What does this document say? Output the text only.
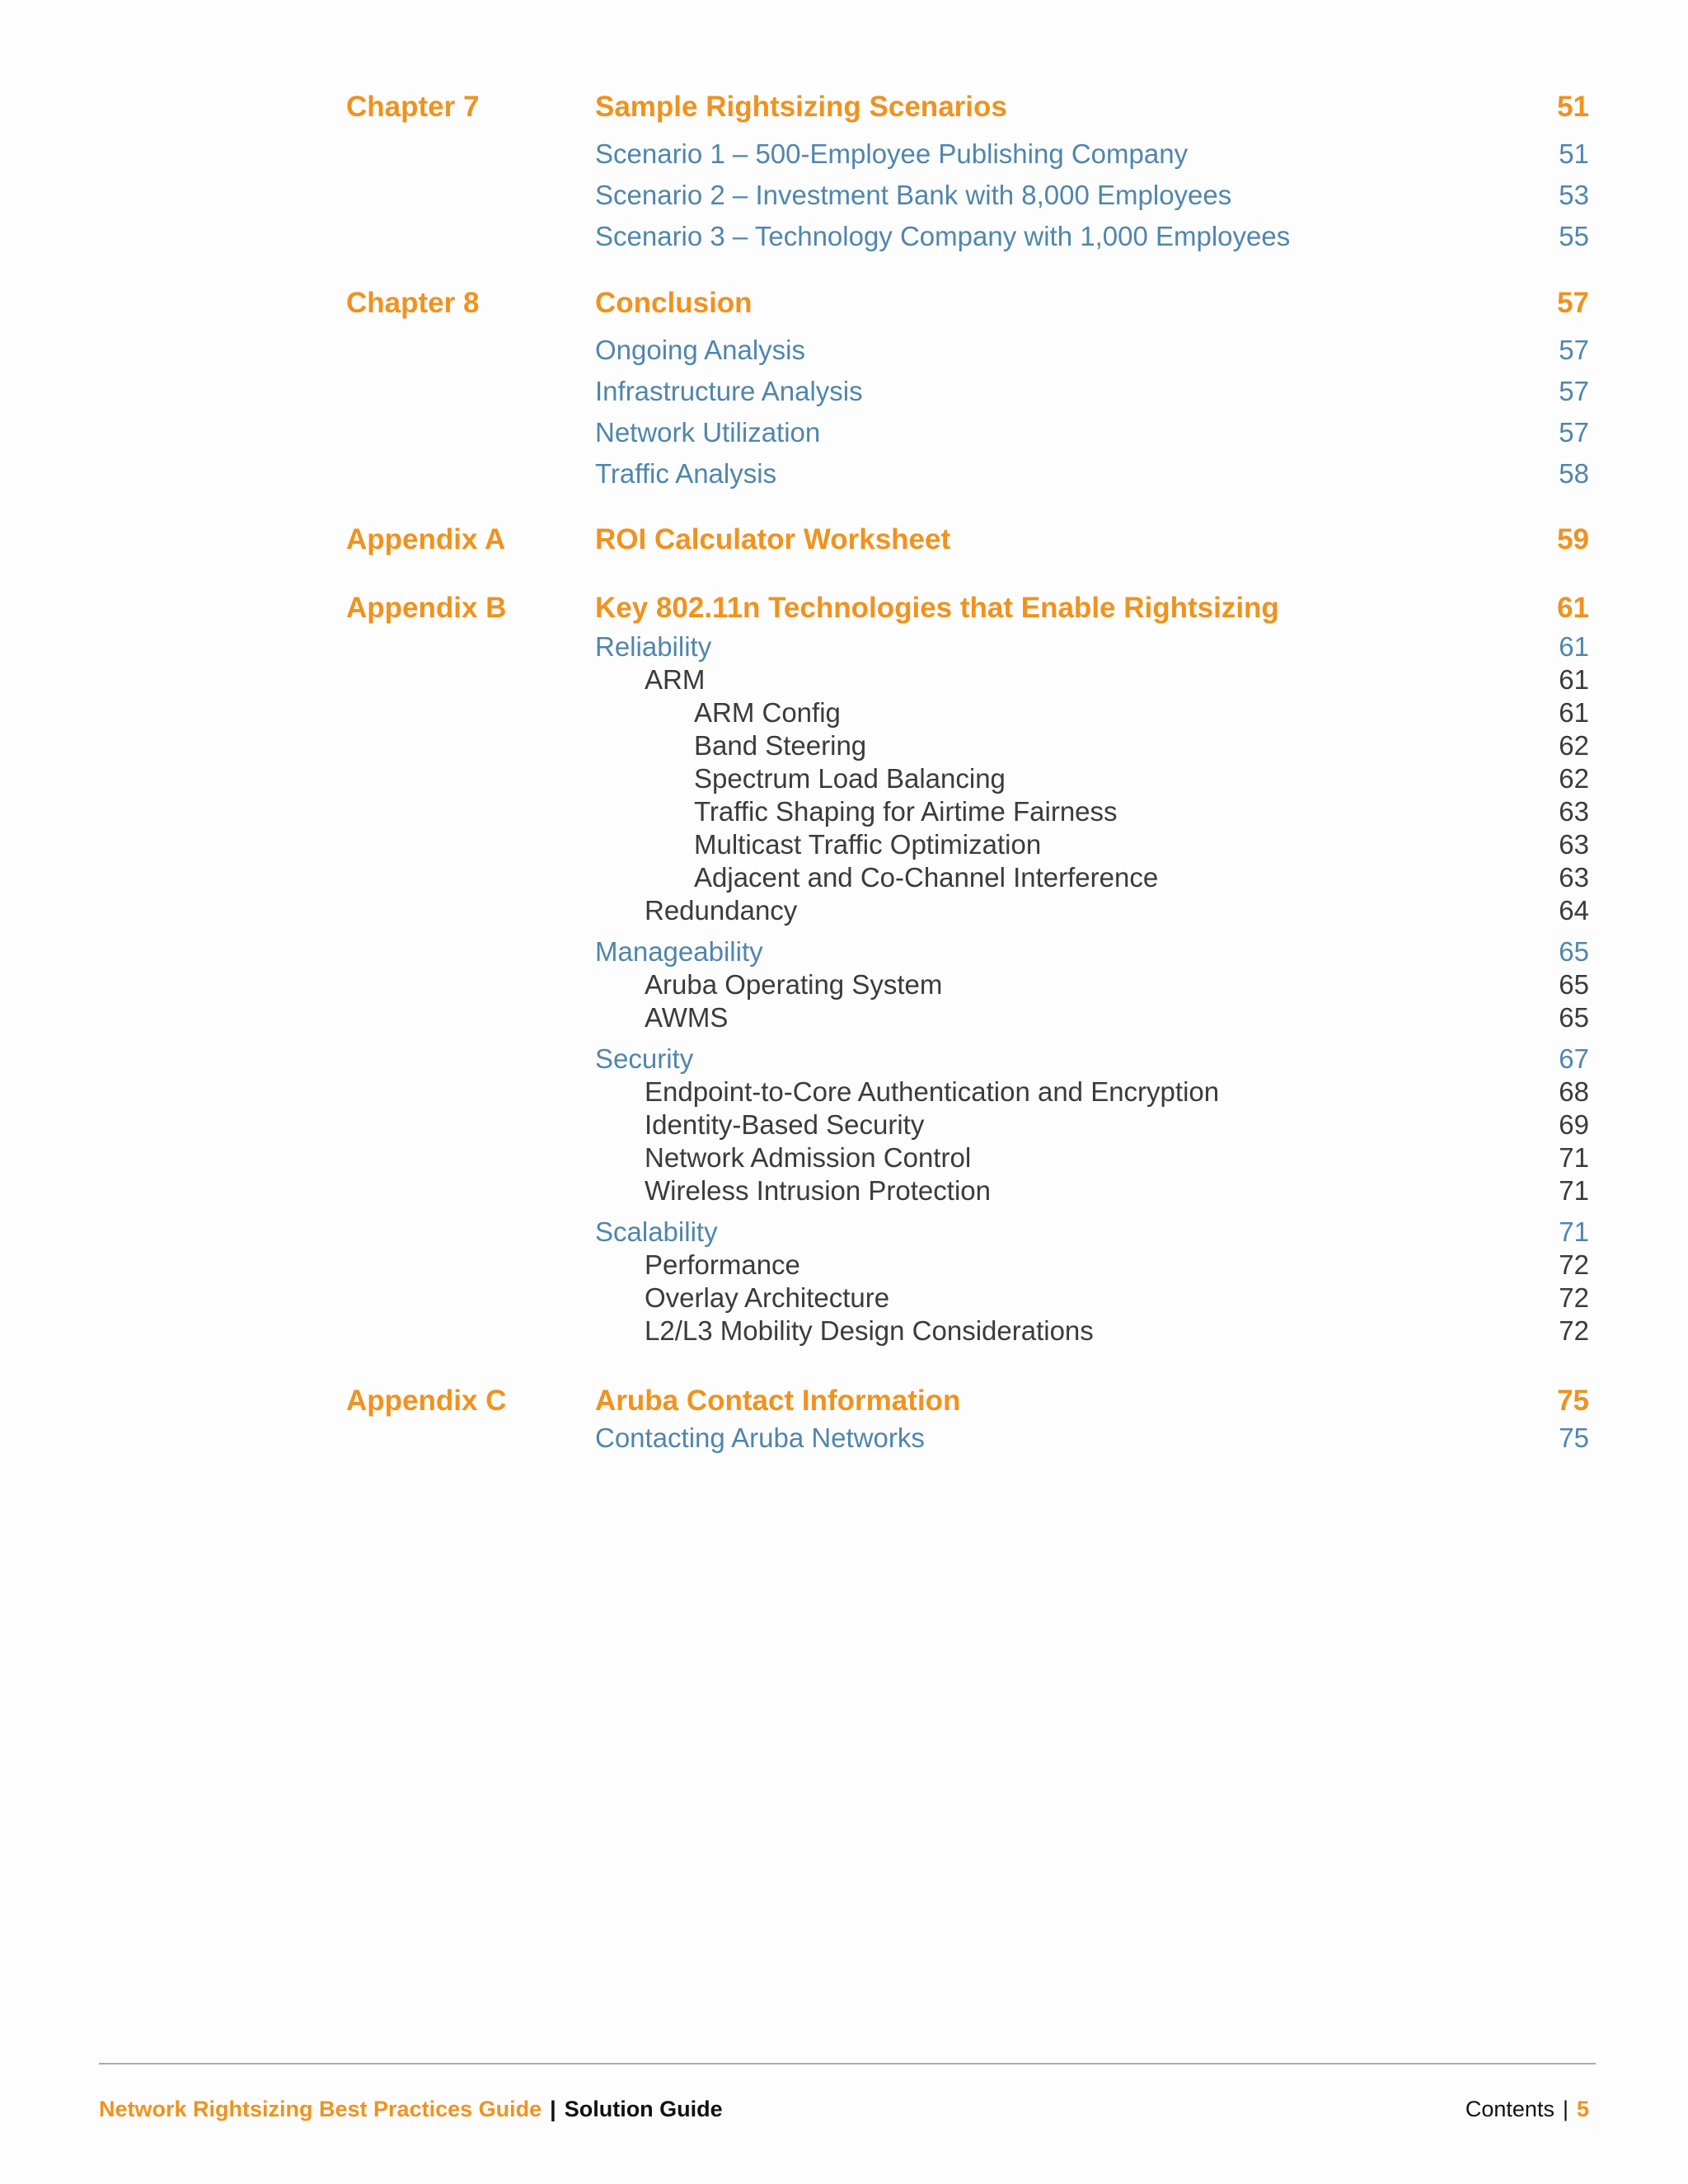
Chapter 7	Sample Rightsizing Scenarios	51
Scenario 1 – 500-Employee Publishing Company	51
Scenario 2 – Investment Bank with 8,000 Employees	53
Scenario 3 – Technology Company with 1,000 Employees	55
Chapter 8	Conclusion	57
Ongoing Analysis	57
Infrastructure Analysis	57
Network Utilization	57
Traffic Analysis	58
Appendix A	ROI Calculator Worksheet	59
Appendix B	Key 802.11n Technologies that Enable Rightsizing	61
Reliability	61
ARM	61
ARM Config	61
Band Steering	62
Spectrum Load Balancing	62
Traffic Shaping for Airtime Fairness	63
Multicast Traffic Optimization	63
Adjacent and Co-Channel Interference	63
Redundancy	64
Manageability	65
Aruba Operating System	65
AWMS	65
Security	67
Endpoint-to-Core Authentication and Encryption	68
Identity-Based Security	69
Network Admission Control	71
Wireless Intrusion Protection	71
Scalability	71
Performance	72
Overlay Architecture	72
L2/L3 Mobility Design Considerations	72
Appendix C	Aruba Contact Information	75
Contacting Aruba Networks	75
Network Rightsizing Best Practices Guide | Solution Guide	Contents | 5
